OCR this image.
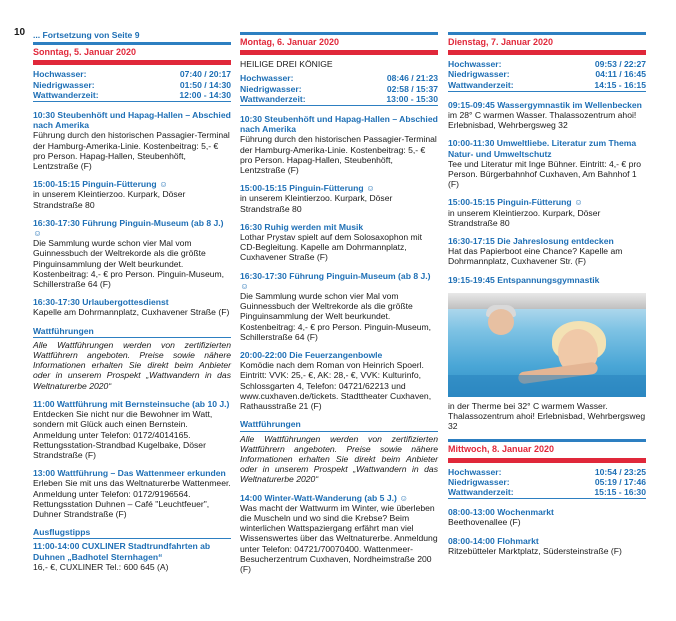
10 ... Fortsetzung von Seite 9
Sonntag, 5. Januar 2020
Hochwasser:	07:40 / 20:17
Niedrigwasser:	01:50 / 14:30
Wattwanderzeit:	12:00 - 14:30
10:30 Steubenhöft und Hapag-Hallen – Abschied nach Amerika
Führung durch den historischen Passagier-Terminal der Hamburg-Amerika-Linie. Kostenbeitrag: 5,- € pro Person. Hapag-Hallen, Steubenhöft, Lentzstraße (F)
15:00-15:15 Pinguin-Fütterung ☺
in unserem Kleintierzoo. Kurpark, Döser Strandstraße 80
16:30-17:30 Führung Pinguin-Museum (ab 8 J.) ☺
Die Sammlung wurde schon vier Mal vom Guinnessbuch der Weltrekorde als die größte Pinguinsammlung der Welt beurkundet. Kostenbeitrag: 4,- € pro Person. Pinguin-Museum, Schillerstraße 64 (F)
16:30-17:30 Urlaubergottesdienst
Kapelle am Dohrmannplatz, Cuxhavener Straße (F)
Wattführungen
Alle Wattführungen werden von zertifizierten Wattführern angeboten. Preise sowie nähere Informationen erhalten Sie direkt beim Anbieter oder in unserem Prospekt „Wattwandern in das Weltnaturerbe 2020“
11:00 Wattführung mit Bernsteinsuche (ab 10 J.)
Entdecken Sie nicht nur die Bewohner im Watt, sondern mit Glück auch einen Bernstein. Anmeldung unter Telefon: 0172/4014165. Rettungsstation-Strandbad Kugelbake, Döser Strandstraße (F)
13:00 Wattführung – Das Wattenmeer erkunden
Erleben Sie mit uns das Weltnaturerbe Wattenmeer. Anmeldung unter Telefon: 0172/9196564. Rettungsstation Duhnen – Café "Leuchtfeuer", Duhner Strandstraße (F)
Ausflugstipps
11:00-14:00 CUXLINER Stadtrundfahrten ab Duhnen „Badhotel Sternhagen“
16,- €, CUXLINER Tel.: 600 645 (A)
Montag, 6. Januar 2020
HEILIGE DREI KÖNIGE
Hochwasser:	08:46 / 21:23
Niedrigwasser:	02:58 / 15:37
Wattwanderzeit:	13:00 - 15:30
10:30 Steubenhöft und Hapag-Hallen – Abschied nach Amerika
Führung durch den historischen Passagier-Terminal der Hamburg-Amerika-Linie. Kostenbeitrag: 5,- € pro Person. Hapag-Hallen, Steubenhöft, Lentzstraße (F)
15:00-15:15 Pinguin-Fütterung ☺
in unserem Kleintierzoo. Kurpark, Döser Strandstraße 80
16:30 Ruhig werden mit Musik
Lothar Prystav spielt auf dem Solosaxophon mit CD-Begleitung. Kapelle am Dohrmannplatz, Cuxhavener Straße (F)
16:30-17:30 Führung Pinguin-Museum (ab 8 J.) ☺
Die Sammlung wurde schon vier Mal vom Guinnessbuch der Weltrekorde als die größte Pinguinsammlung der Welt beurkundet. Kostenbeitrag: 4,- € pro Person. Pinguin-Museum, Schillerstraße 64 (F)
20:00-22:00 Die Feuerzangenbowle
Komödie nach dem Roman von Heinrich Spoerl. Eintritt: VVK: 25,- €, AK: 28,- €, VVK: Kulturinfo, Schlossgarten 4, Telefon: 04721/62213 und www.cuxhaven.de/tickets. Stadttheater Cuxhaven, Rathausstraße 21 (F)
Wattführungen
Alle Wattführungen werden von zertifizierten Wattführern angeboten. Preise sowie nähere Informationen erhalten Sie direkt beim Anbieter oder in unserem Prospekt „Wattwandern in das Weltnaturerbe 2020“
14:00 Winter-Watt-Wanderung (ab 5 J.) ☺
Was macht der Wattwurm im Winter, wie überleben die Muscheln und wo sind die Krebse? Beim winterlichen Wattspaziergang erfährt man viel Wissenswertes über das Weltnaturerbe. Anmeldung unter Telefon: 04721/70070400. Wattenmeer-Besucherzentrum Cuxhaven, Nordheimstraße 200 (F)
Dienstag, 7. Januar 2020
Hochwasser:	09:53 / 22:27
Niedrigwasser:	04:11 / 16:45
Wattwanderzeit:	14:15 - 16:15
09:15-09:45 Wassergymnastik im Wellenbecken
im 28° C warmen Wasser. Thalassozentrum ahoi! Erlebnisbad, Wehrbergsweg 32
10:00-11:30 Umweltliebe. Literatur zum Thema Natur- und Umweltschutz
Tee und Literatur mit Inge Bühner. Eintritt: 4,- € pro Person. Bürgerbahnhof Cuxhaven, Am Bahnhof 1 (F)
15:00-15:15 Pinguin-Fütterung ☺
in unserem Kleintierzoo. Kurpark, Döser Strandstraße 80
16:30-17:15 Die Jahreslosung entdecken
Hat das Papierboot eine Chance? Kapelle am Dohrmannplatz, Cuxhavener Str. (F)
19:15-19:45 Entspannungsgymnastik
in der Therme bei 32° C warmem Wasser. Thalassozentrum ahoi! Erlebnisbad, Wehrbergsweg 32
Mittwoch, 8. Januar 2020
Hochwasser:	10:54 / 23:25
Niedrigwasser:	05:19 / 17:46
Wattwanderzeit:	15:15 - 16:30
08:00-13:00 Wochenmarkt
Beethovenallee (F)
08:00-14:00 Flohmarkt
Ritzebütteler Marktplatz, Südersteinstraße (F)
